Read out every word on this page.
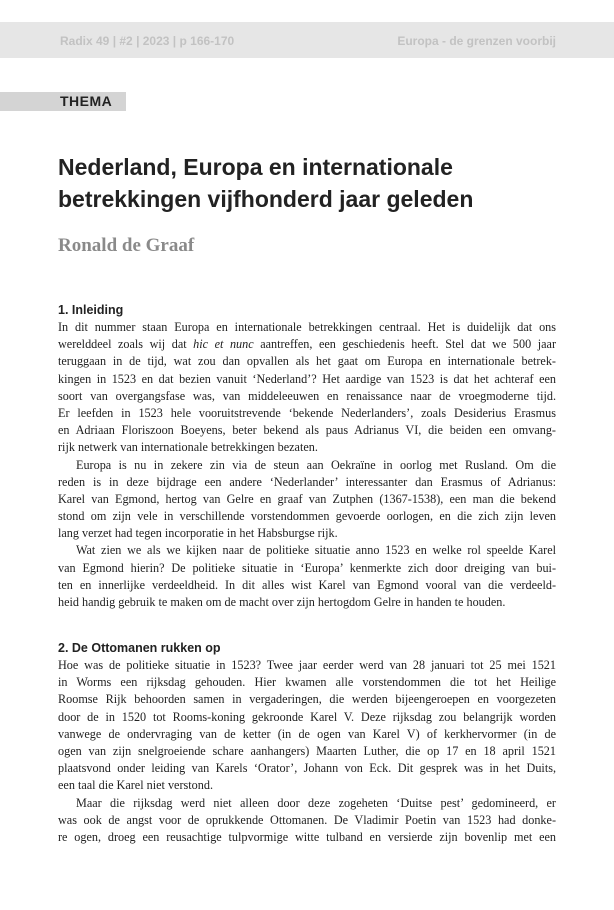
Radix 49 | #2 | 2023 | p 166-170	Europa - de grenzen voorbij
THEMA
Nederland, Europa en internationale
betrekkingen vijfhonderd jaar geleden
Ronald de Graaf
1. Inleiding
In dit nummer staan Europa en internationale betrekkingen centraal. Het is duidelijk dat ons
werelddeel zoals wij dat hic et nunc aantreffen, een geschiedenis heeft. Stel dat we 500 jaar
teruggaan in de tijd, wat zou dan opvallen als het gaat om Europa en internationale betrek-
kingen in 1523 en dat bezien vanuit ‘Nederland’? Het aardige van 1523 is dat het achteraf een
soort van overgangsfase was, van middeleeuwen en renaissance naar de vroegmoderne tijd.
Er leefden in 1523 hele vooruitstrevende ‘bekende Nederlanders’, zoals Desiderius Erasmus
en Adriaan Floriszoon Boeyens, beter bekend als paus Adrianus VI, die beiden een omvang-
rijk netwerk van internationale betrekkingen bezaten.
Europa is nu in zekere zin via de steun aan Oekraïne in oorlog met Rusland. Om die
reden is in deze bijdrage een andere ‘Nederlander’ interessanter dan Erasmus of Adrianus:
Karel van Egmond, hertog van Gelre en graaf van Zutphen (1367-1538), een man die bekend
stond om zijn vele in verschillende vorstendommen gevoerde oorlogen, en die zich zijn leven
lang verzet had tegen incorporatie in het Habsburgse rijk.
Wat zien we als we kijken naar de politieke situatie anno 1523 en welke rol speelde Karel
van Egmond hierin? De politieke situatie in ‘Europa’ kenmerkte zich door dreiging van bui-
ten en innerlijke verdeeldheid. In dit alles wist Karel van Egmond vooral van die verdeeld-
heid handig gebruik te maken om de macht over zijn hertogdom Gelre in handen te houden.
2. De Ottomanen rukken op
Hoe was de politieke situatie in 1523? Twee jaar eerder werd van 28 januari tot 25 mei 1521
in Worms een rijksdag gehouden. Hier kwamen alle vorstendommen die tot het Heilige
Roomse Rijk behoorden samen in vergaderingen, die werden bijeengeroepen en voorgezeten
door de in 1520 tot Rooms-koning gekroonde Karel V. Deze rijksdag zou belangrijk worden
vanwege de ondervraging van de ketter (in de ogen van Karel V) of kerkhervormer (in de
ogen van zijn snelgroeiende schare aanhangers) Maarten Luther, die op 17 en 18 april 1521
plaatsvond onder leiding van Karels ‘Orator’, Johann von Eck. Dit gesprek was in het Duits,
een taal die Karel niet verstond.
Maar die rijksdag werd niet alleen door deze zogeheten ‘Duitse pest’ gedomineerd, er
was ook de angst voor de oprukkende Ottomanen. De Vladimir Poetin van 1523 had donke-
re ogen, droeg een reusachtige tulpvormige witte tulband en versierde zijn bovenlip met een
